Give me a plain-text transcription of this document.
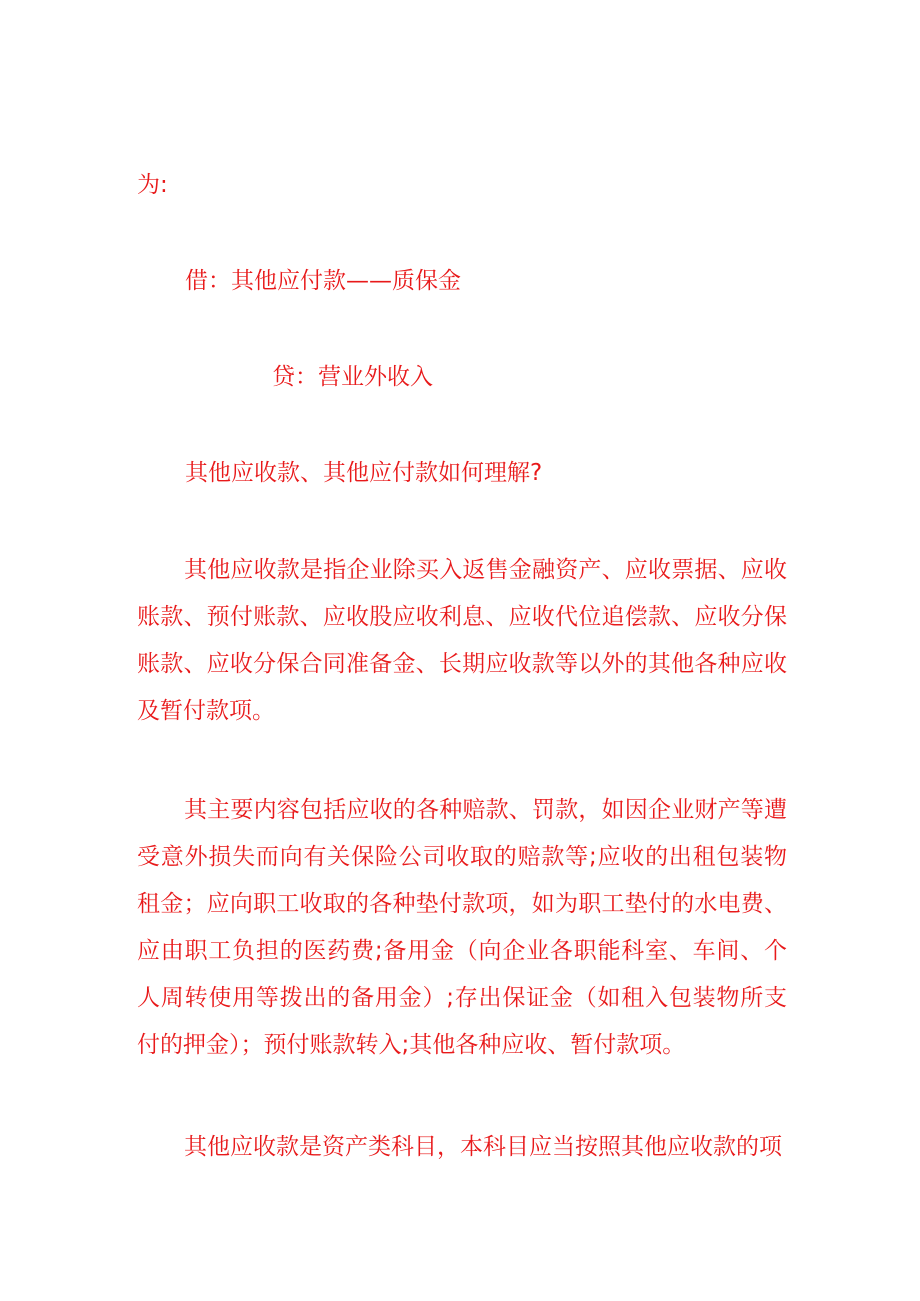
为:
借：其他应付款——质保金
贷：营业外收入
其他应收款、其他应付款如何理解?

其他应收款是指企业除买入返售金融资产、应收票据、应收账款、预付账款、应收股应收利息、应收代位追偿款、应收分保账款、应收分保合同准备金、长期应收款等以外的其他各种应收及暂付款项。

其主要内容包括应收的各种赔款、罚款，如因企业财产等遭受意外损失而向有关保险公司收取的赔款等;应收的出租包装物租金；应向职工收取的各种垫付款项，如为职工垫付的水电费、应由职工负担的医药费;备用金（向企业各职能科室、车间、个人周转使用等拨出的备用金）;存出保证金（如租入包装物所支付的押金）；预付账款转入;其他各种应收、暂付款项。

其他应收款是资产类科目，本科目应当按照其他应收款的项
